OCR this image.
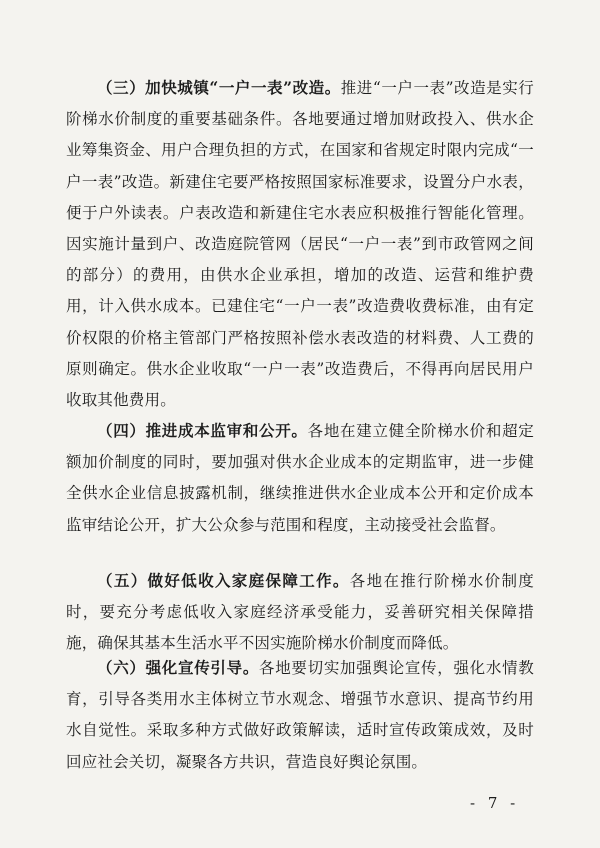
（三）加快城镇“一户一表”改造。推进“一户一表”改造是实行阶梯水价制度的重要基础条件。各地要通过增加财政投入、供水企业筹集资金、用户合理负担的方式，在国家和省规定时限内完成“一户一表”改造。新建住宅要严格按照国家标准要求，设置分户水表，便于户外读表。户表改造和新建住宅水表应积极推行智能化管理。因实施计量到户、改造庭院管网（居民“一户一表”到市政管网之间的部分）的费用，由供水企业承担，增加的改造、运营和维护费用，计入供水成本。已建住宅“一户一表”改造费收费标准，由有定价权限的价格主管部门严格按照补偿水表改造的材料费、人工费的原则确定。供水企业收取“一户一表”改造费后，不得再向居民用户收取其他费用。

（四）推进成本监审和公开。各地在建立健全阶梯水价和超定额加价制度的同时，要加强对供水企业成本的定期监审，进一步健全供水企业信息披露机制，继续推进供水企业成本公开和定价成本监审结论公开，扩大公众参与范围和程度，主动接受社会监督。

（五）做好低收入家庭保障工作。各地在推行阶梯水价制度时，要充分考虑低收入家庭经济承受能力，妥善研究相关保障措施，确保其基本生活水平不因实施阶梯水价制度而降低。

（六）强化宣传引导。各地要切实加强舆论宣传，强化水情教育，引导各类用水主体树立节水观念、增强节水意识、提高节约用水自觉性。采取多种方式做好政策解读，适时宣传政策成效，及时回应社会关切，凝聚各方共识，营造良好舆论氛围。

- 7 -
